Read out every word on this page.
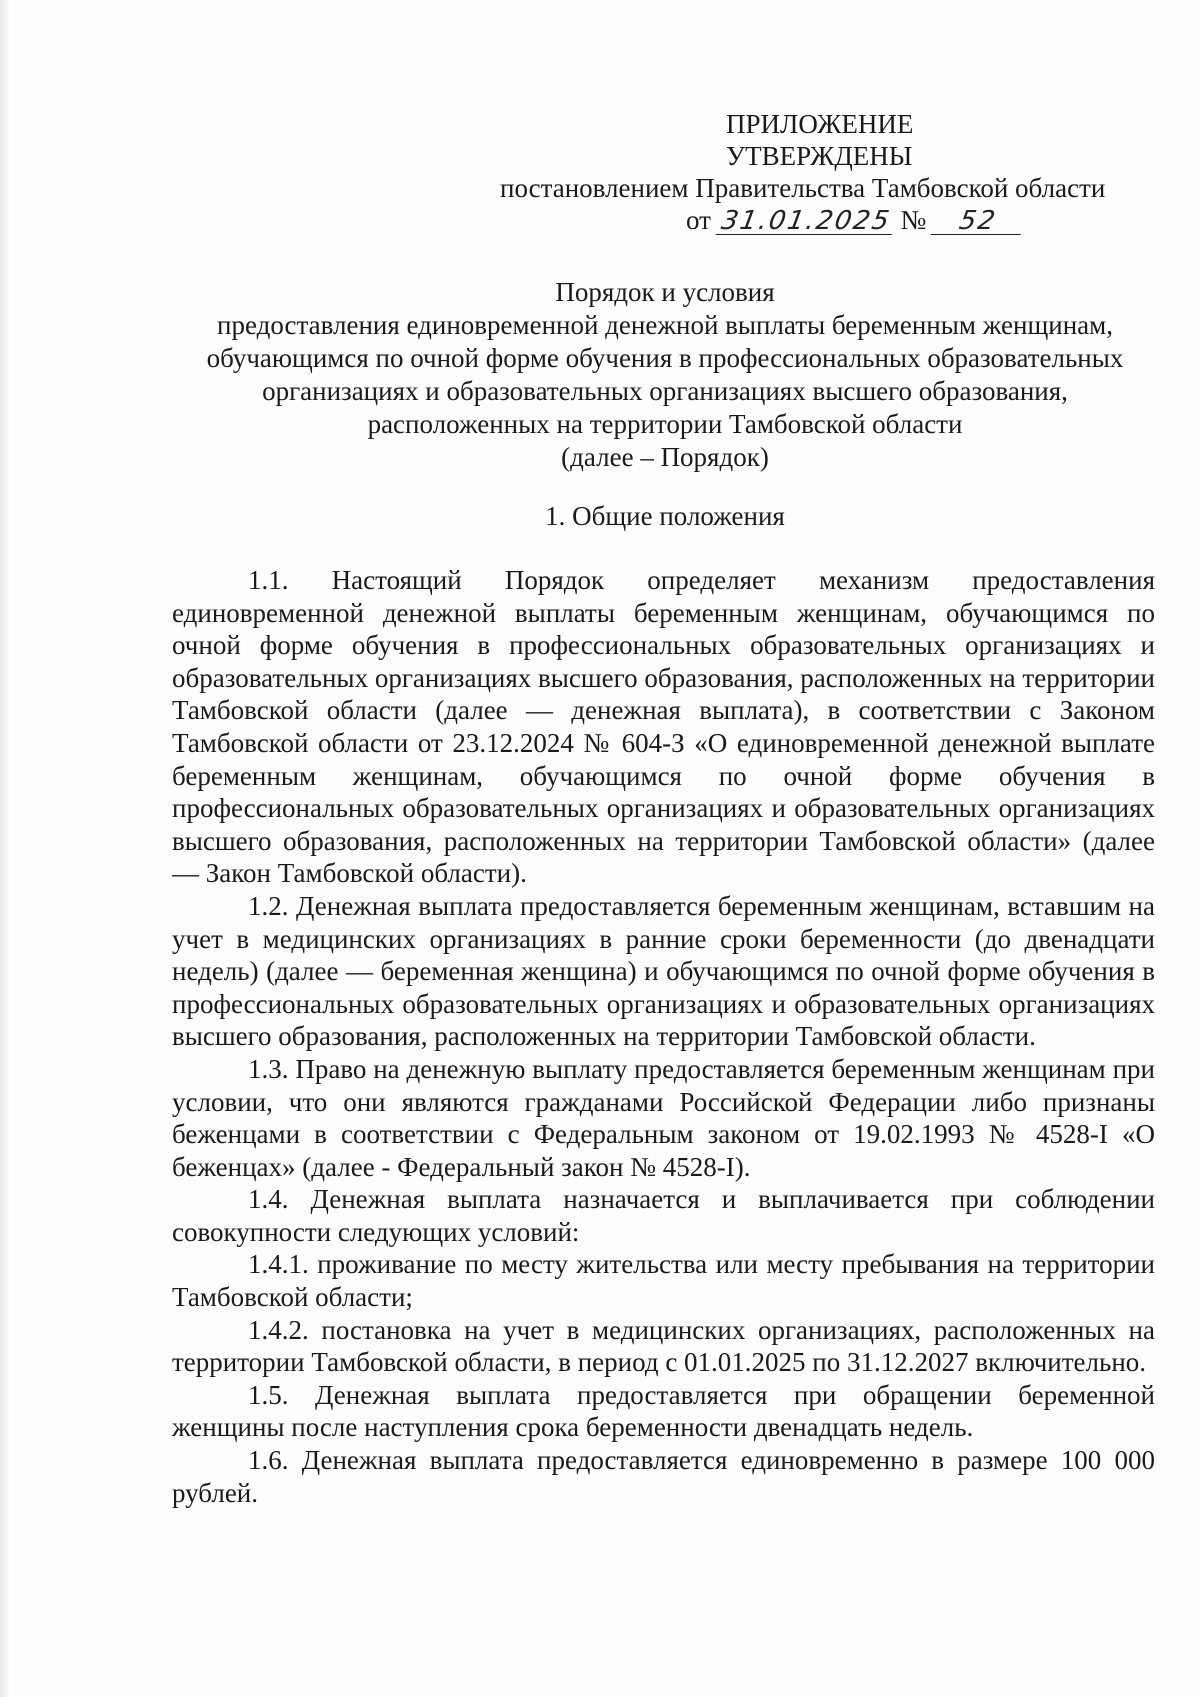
ПРИЛОЖЕНИЕ
УТВЕРЖДЕНЫ
постановлением Правительства Тамбовской области
от 31.01.2025 № 52
Порядок и условия
предоставления единовременной денежной выплаты беременным женщинам,
обучающимся по очной форме обучения в профессиональных образовательных
организациях и образовательных организациях высшего образования,
расположенных на территории Тамбовской области
(далее – Порядок)
1. Общие положения

1.1. Настоящий Порядок определяет механизм предоставления единовременной денежной выплаты беременным женщинам, обучающимся по очной форме обучения в профессиональных образовательных организациях и образовательных организациях высшего образования, расположенных на территории Тамбовской области (далее — денежная выплата), в соответствии с Законом Тамбовской области от 23.12.2024 № 604-З «О единовременной денежной выплате беременным женщинам, обучающимся по очной форме обучения в профессиональных образовательных организациях и образовательных организациях высшего образования, расположенных на территории Тамбовской области» (далее — Закон Тамбовской области).

1.2. Денежная выплата предоставляется беременным женщинам, вставшим на учет в медицинских организациях в ранние сроки беременности (до двенадцати недель) (далее — беременная женщина) и обучающимся по очной форме обучения в профессиональных образовательных организациях и образовательных организациях высшего образования, расположенных на территории Тамбовской области.

1.3. Право на денежную выплату предоставляется беременным женщинам при условии, что они являются гражданами Российской Федерации либо признаны беженцами в соответствии с Федеральным законом от 19.02.1993 № 4528-I «О беженцах» (далее - Федеральный закон № 4528-I).

1.4. Денежная выплата назначается и выплачивается при соблюдении совокупности следующих условий:

1.4.1. проживание по месту жительства или месту пребывания на территории Тамбовской области;

1.4.2. постановка на учет в медицинских организациях, расположенных на территории Тамбовской области, в период с 01.01.2025 по 31.12.2027 включительно.

1.5. Денежная выплата предоставляется при обращении беременной женщины после наступления срока беременности двенадцать недель.

1.6. Денежная выплата предоставляется единовременно в размере 100 000 рублей.
